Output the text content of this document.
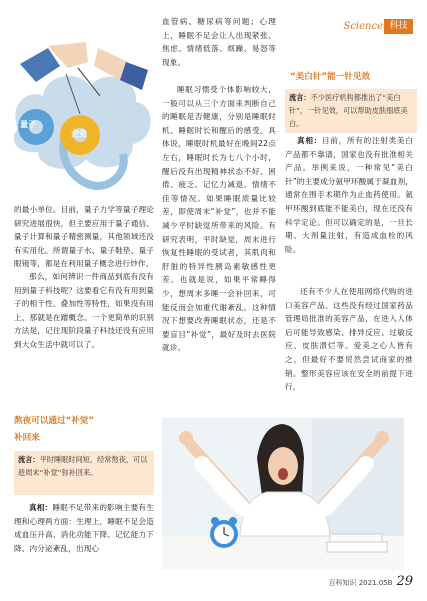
Science 科技
量子
企业

的最小单位。目前，量子力学等量子理论研究进展很快，但主要应用于量子通信、量子计算和量子精密测量，其他领域还没有实用化。所谓量子水、量子鞋垫、量子眼镜等，都是在利用量子概念进行炒作。

那么，如何辨识一件商品到底有没有用到量子科技呢？这要看它有没有用到量子的相干性、叠加性等特性，如果没有用上，那就是在蹭概念。一个更简单的识别方法是，记住现阶段量子科技还没有应用到大众生活中就可以了。

熬夜可以通过“补觉”
补回来
流言：平时睡眠时间短，经常熬夜，可以趁周末“补觉”弥补回来。

真相：睡眠不足带来的影响主要有生理和心理两方面：生理上，睡眠不足会造成血压升高、消化功能下降、记忆能力下降、内分泌紊乱，出现心

血管病、糖尿病等问题；心理上，睡眠不足会让人出现紧张、焦虑、情绪低落、烦躁、易怒等现象。

睡眠习惯受个体影响较大，一般可以从三个方面来判断自己的睡眠是否健康，分别是睡眠时机、睡眠时长和醒后的感受。具体说，睡眠时机最好在晚间22点左右，睡眠时长为七八个小时，醒后没有出现精神状态不好、困倦、疲乏、记忆力减退、情绪不佳等情况。如果睡眠质量比较差，即使周末“补觉”，也并不能减少平时缺觉所带来的风险。有研究表明，平时缺觉，周末进行恢复性睡眠的受试者，其肌肉和肝脏的特异性胰岛素敏感性更差。也就是说，如果平常睡得少，想周末多睡一会补回来，可能反而会加重代谢紊乱。这种情况下想要改善睡眠状态，还是不要盲目“补觉”，最好及时去医院就诊。

“美白针”能一针见效
流言：不少医疗机构都推出了“美白针”，一针见效，可以帮助皮肤细底美白。

真相：目前，所有的注射类美白产品都不靠谱，国家也没有批准相关产品。举例来说，一种常见“美白针”的主要成分氨甲环酸属于凝血剂，通常在围手术期作为止血药使用。氨甲环酸到底能不能美白，现在还没有科学定论。但可以确定的是，一旦长期、大剂量注射，有造成血栓的风险。

还有不少人在使用网络代购的进口美容产品。这些没有经过国家药品管理局批准的美容产品，在进入人体后可能导致感染、排异反应、过敏反应、皮肤溃烂等。爱美之心人皆有之，但最好不要贸然尝试商家的推销。整形美容应该在安全的前提下进行，

百科知识 2021.05B 29
